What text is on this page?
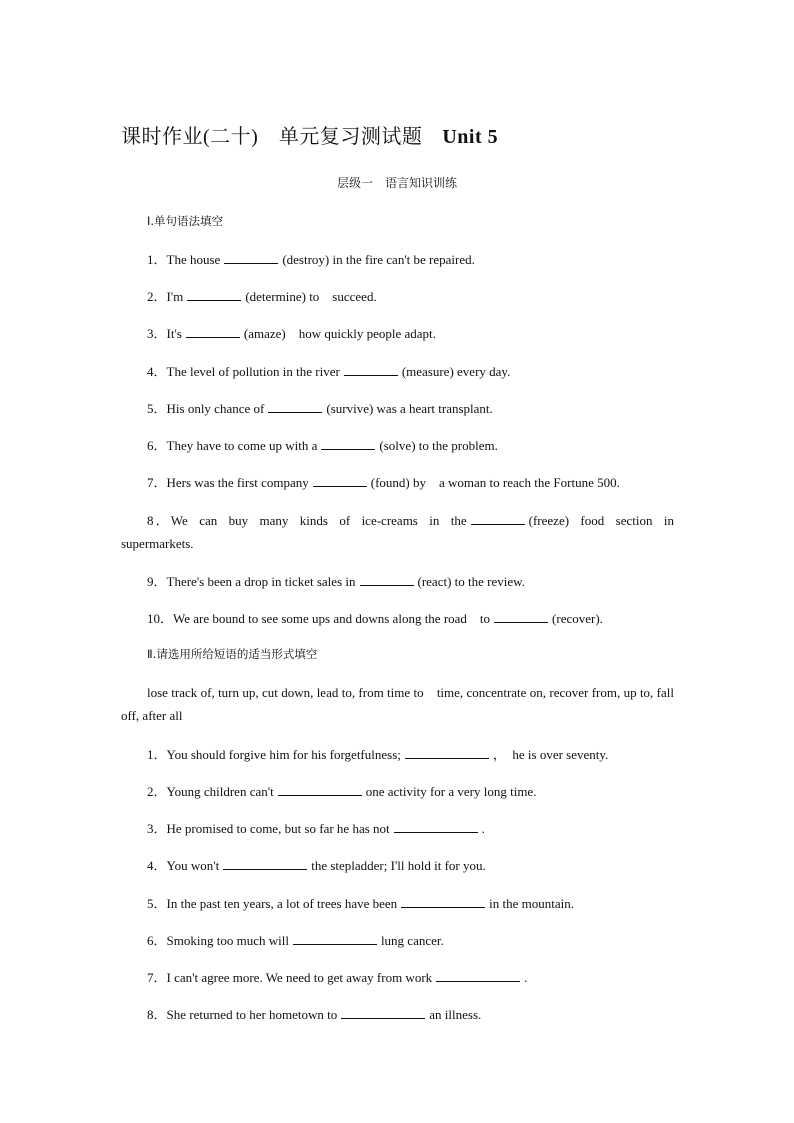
课时作业(二十)　单元复习测试题 Unit 5
层级一　语言知识训练
Ⅰ.单句语法填空
1．The house	(destroy) in the fire can't be repaired.
2．I'm	(determine) to　succeed.
3．It's	(amaze)　how quickly people adapt.
4．The level of pollution in the river	(measure) every day.
5．His only chance of	(survive) was a heart transplant.
6．They have to come up with a	(solve) to the problem.
7．Hers was the first company	(found) by　a woman to reach the Fortune 500.
8．We can buy many kinds of ice-creams in the	(freeze) food section in supermarkets.
9．There's been a drop in ticket sales in	(react) to the review.
10．We are bound to see some ups and downs along the road　to	(recover).
Ⅱ.请选用所给短语的适当形式填空
lose track of, turn up, cut down, lead to, from time to　time, concentrate on, recover from, up to, fall off, after all
1．You should forgive him for his forgetfulness;	，　he is over seventy.
2．Young children can't	one activity for a very long time.
3．He promised to come, but so far he has not	.
4．You won't	the stepladder; I'll hold it for you.
5．In the past ten years, a lot of trees have been	in the mountain.
6．Smoking too much will	lung cancer.
7．I can't agree more. We need to get away from work	.
8．She returned to her hometown to	an illness.
